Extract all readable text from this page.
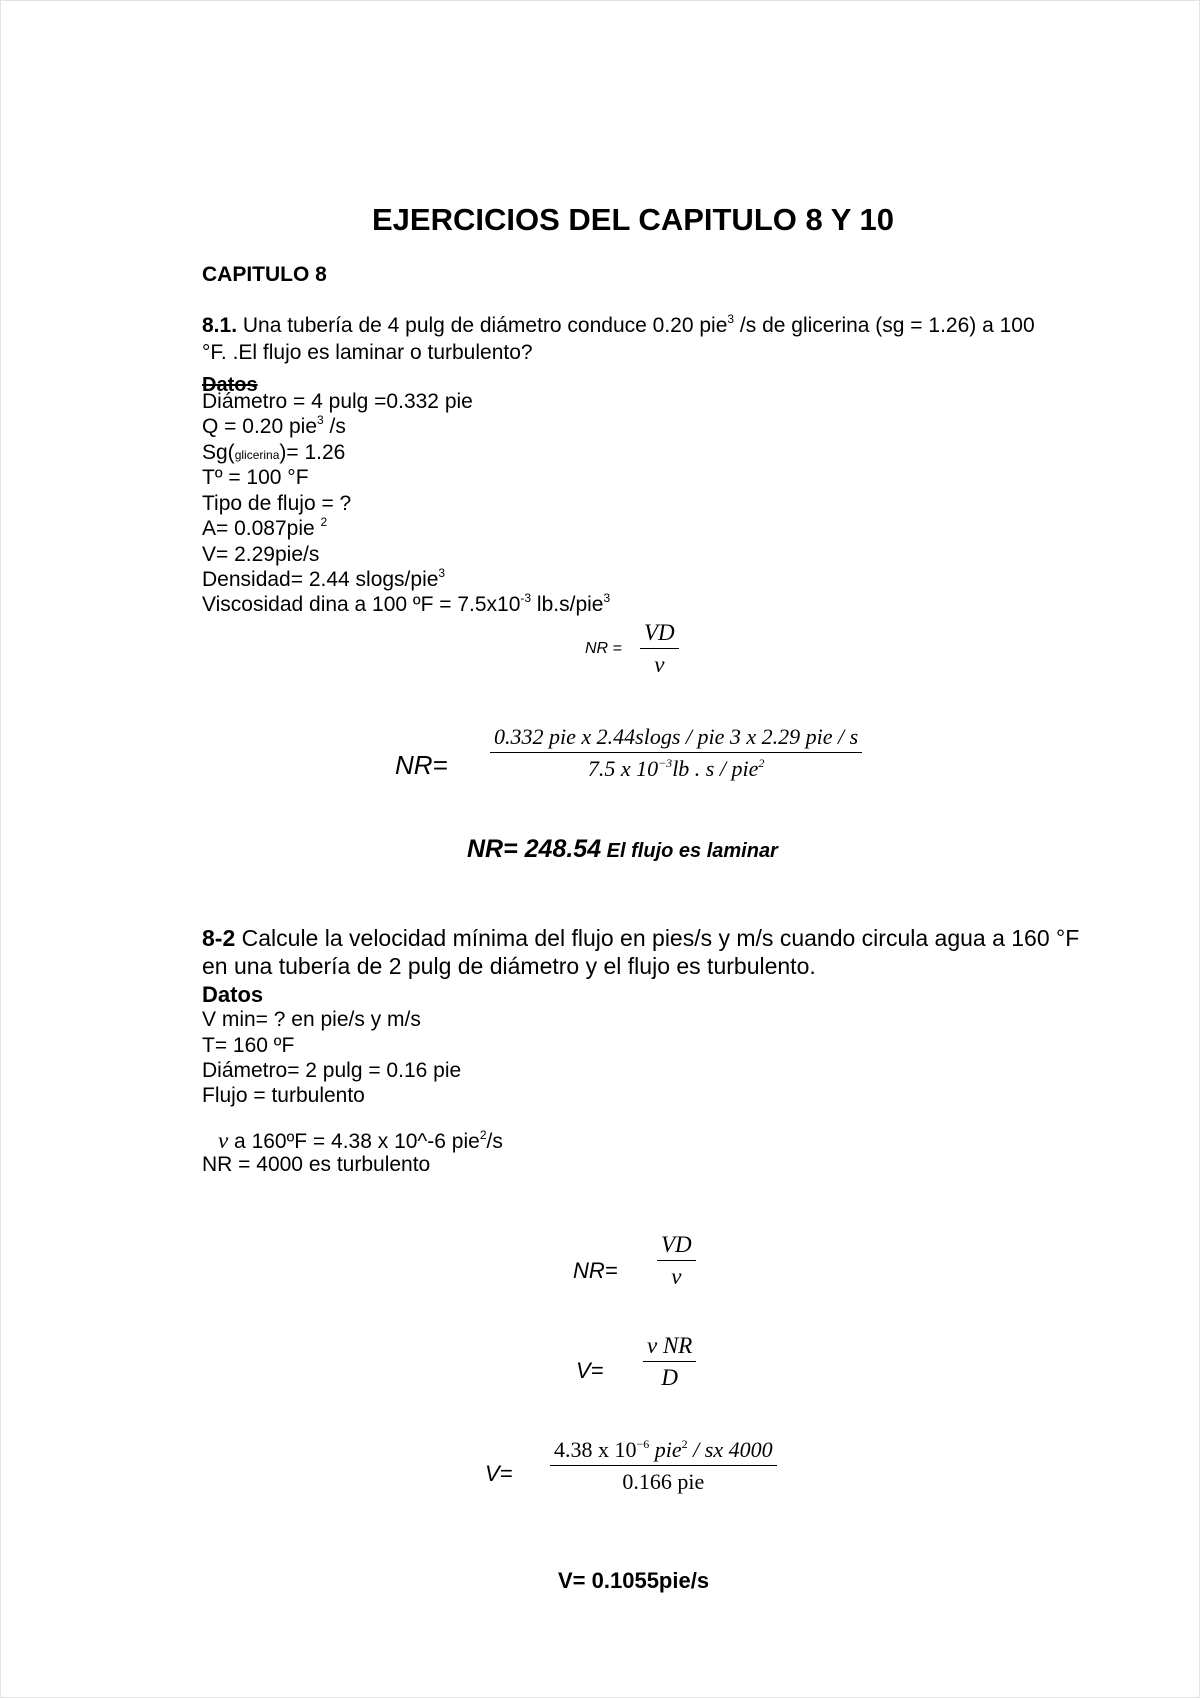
EJERCICIOS DEL CAPITULO 8 Y 10
CAPITULO 8
8.1. Una tubería de 4 pulg de diámetro conduce 0.20 pie$^3$ /s de glicerina (sg = 1.26) a 100
°F. .El flujo es laminar o turbulento?
Datos
Diámetro = 4 pulg =0.332 pie
Q = 0.20 pie$^3$ /s
Sg(glicerina)= 1.26
Tº = 100 °F
Tipo de flujo = ?
A= 0.087pie $^2$
V= 2.29pie/s
Densidad= 2.44 slogs/pie$^3$
Viscosidad dina a 100 ºF = $7.5x10^{-3}$ lb.s/pie$^3$
NR = $\frac{VD}{v}$
NR=
0.332 pie x 2.44slogs / pie 3 x 2.29 pie / s
7.5 x $10^{-3}lb$ . s / pie$^2$
NR= 248.54 El flujo es laminar
8-2 Calcule la velocidad mínima del flujo en pies/s y m/s cuando circula agua a 160 °F en una tubería de 2 pulg de diámetro y el flujo es turbulento.
Datos
V min= ? en pie/s y m/s
T= 160 ºF
Diámetro= 2 pulg = 0.16 pie
Flujo = turbulento
v a 160ºF = 4.38 x 10^-6 pie$^2$/s
NR = 4000 es turbulento
$NR= \frac{VD}{v}$
$V= \frac{\text{v NR}}{D}$
V=
4.38 x $10^{-6}$ pie$^2$ / sx 4000
0.166 pie
V= 0.1055pie/s
